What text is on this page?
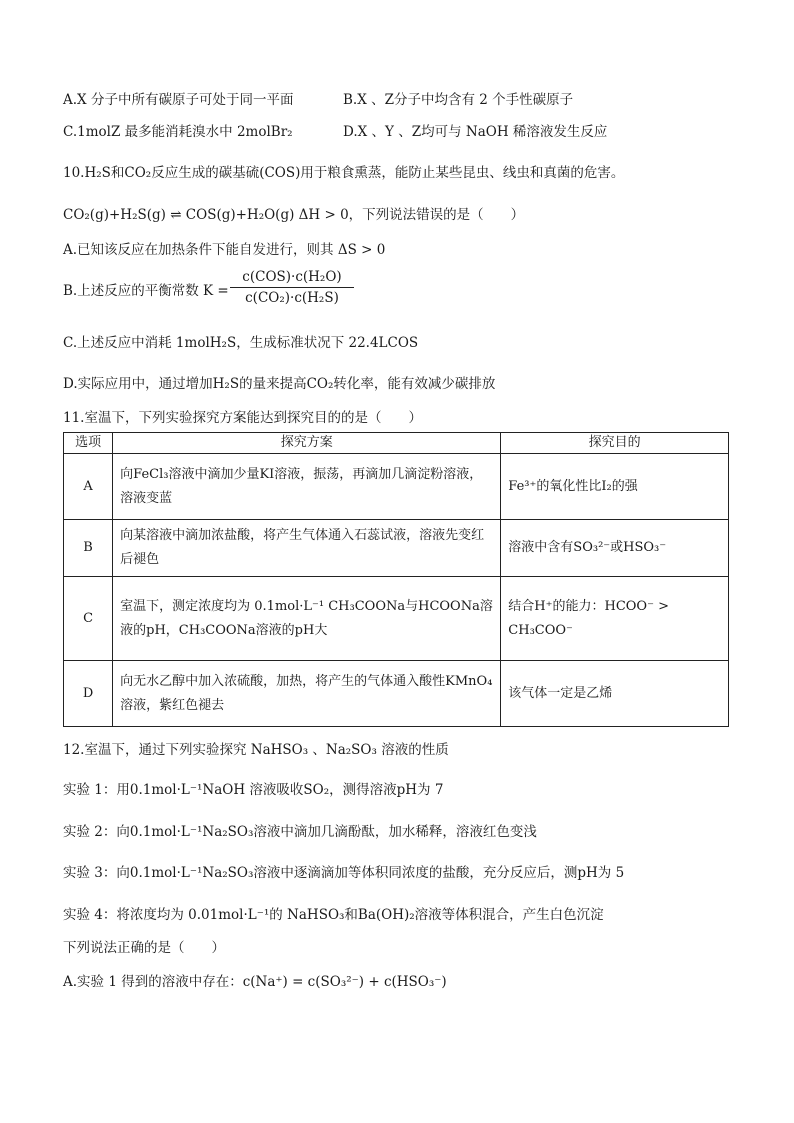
A.X 分子中所有碳原子可处于同一平面	B.X 、Z分子中均含有 2 个手性碳原子
C.1molZ 最多能消耗溴水中 2molBr₂	D.X 、Y 、Z均可与 NaOH 稀溶液发生反应
10.H₂S和CO₂反应生成的碳基硫(COS)用于粮食熏蒸，能防止某些昆虫、线虫和真菌的危害。
CO₂(g)+H₂S(g) ⇌ COS(g)+H₂O(g) ΔH > 0，下列说法错误的是（　　）
A.已知该反应在加热条件下能自发进行，则其 ΔS > 0
B.上述反应的平衡常数 K =
c(COS)·c(H₂O)
c(CO₂)·c(H₂S)
C.上述反应中消耗 1molH₂S，生成标准状况下 22.4LCOS
D.实际应用中，通过增加H₂S的量来提高CO₂转化率，能有效减少碳排放
11.室温下，下列实验探究方案能达到探究目的的是（　　）
选项	探究方案	探究目的
A	向FeCl₃溶液中滴加少量KI溶液，振荡，再滴加几滴淀粉溶液，溶液变蓝	Fe³⁺的氧化性比I₂的强
B	向某溶液中滴加浓盐酸，将产生气体通入石蕊试液，溶液先变红后褪色	溶液中含有SO₃²⁻或HSO₃⁻
C	室温下，测定浓度均为 0.1mol·L⁻¹ CH₃COONa与HCOONa溶液的pH，CH₃COONa溶液的pH大	结合H⁺的能力：HCOO⁻ > CH₃COO⁻
D	向无水乙醇中加入浓硫酸，加热，将产生的气体通入酸性KMnO₄溶液，紫红色褪去	该气体一定是乙烯
12.室温下，通过下列实验探究 NaHSO₃ 、Na₂SO₃ 溶液的性质
实验 1：用0.1mol·L⁻¹NaOH 溶液吸收SO₂，测得溶液pH为 7
实验 2：向0.1mol·L⁻¹Na₂SO₃溶液中滴加几滴酚酞，加水稀释，溶液红色变浅
实验 3：向0.1mol·L⁻¹Na₂SO₃溶液中逐滴滴加等体积同浓度的盐酸，充分反应后，测pH为 5
实验 4：将浓度均为 0.01mol·L⁻¹的 NaHSO₃和Ba(OH)₂溶液等体积混合，产生白色沉淀
下列说法正确的是（　　）
A.实验 1 得到的溶液中存在：c(Na⁺) = c(SO₃²⁻) + c(HSO₃⁻)
